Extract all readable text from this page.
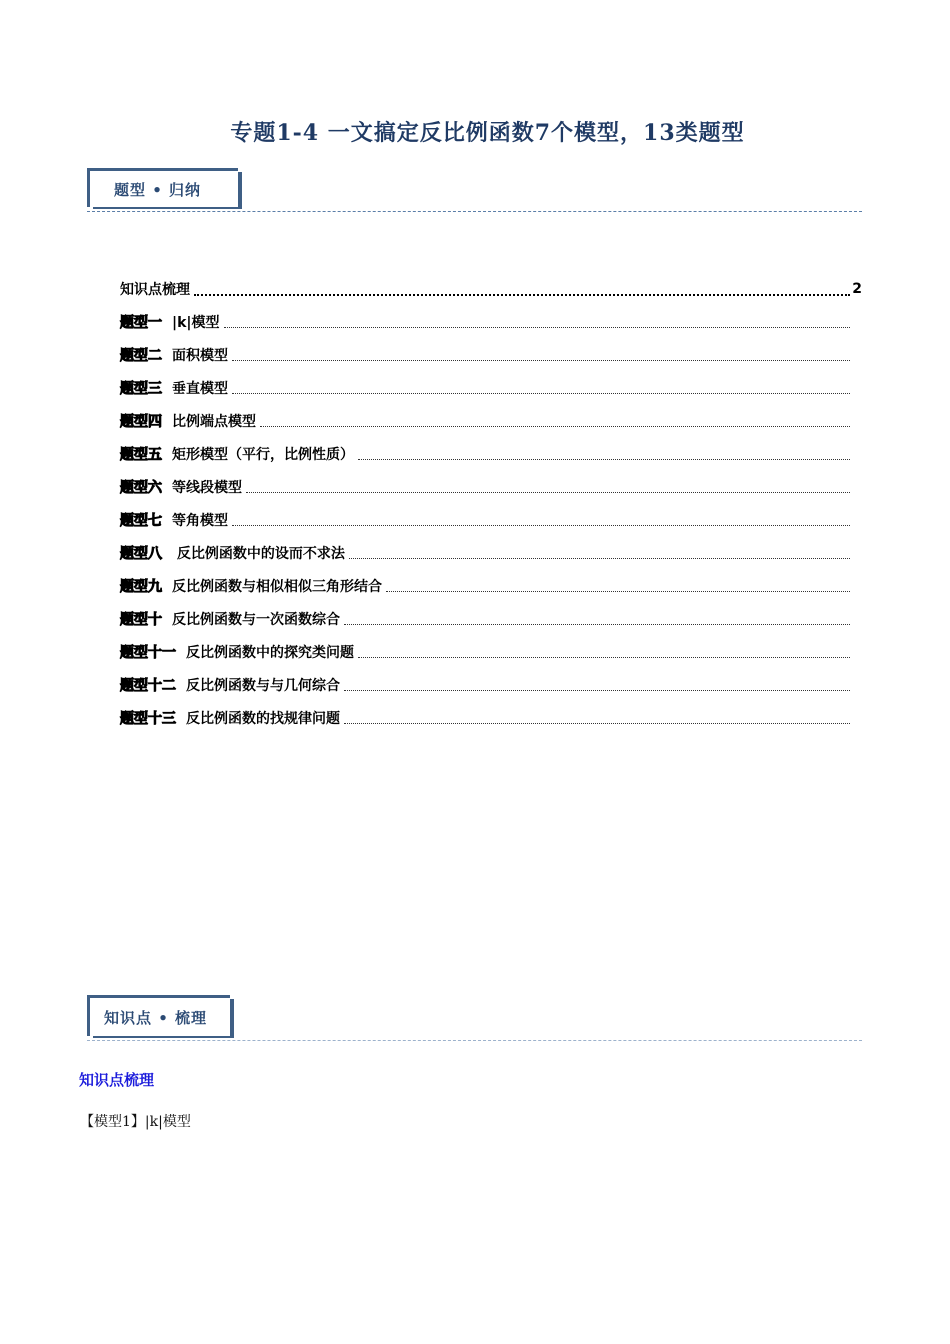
专题1-4 一文搞定反比例函数7个模型，13类题型
题型 • 归纳
知识点梳理	2
题型一 |k|模型
题型二 面积模型
题型三 垂直模型
题型四 比例端点模型
题型五 矩形模型（平行，比例性质）
题型六 等线段模型
题型七 等角模型
题型八 反比例函数中的设而不求法
题型九 反比例函数与相似相似三角形结合
题型十 反比例函数与一次函数综合
题型十一 反比例函数中的探究类问题
题型十二 反比例函数与与几何综合
题型十三 反比例函数的找规律问题
知识点 • 梳理
知识点梳理
【模型1】|k|模型
